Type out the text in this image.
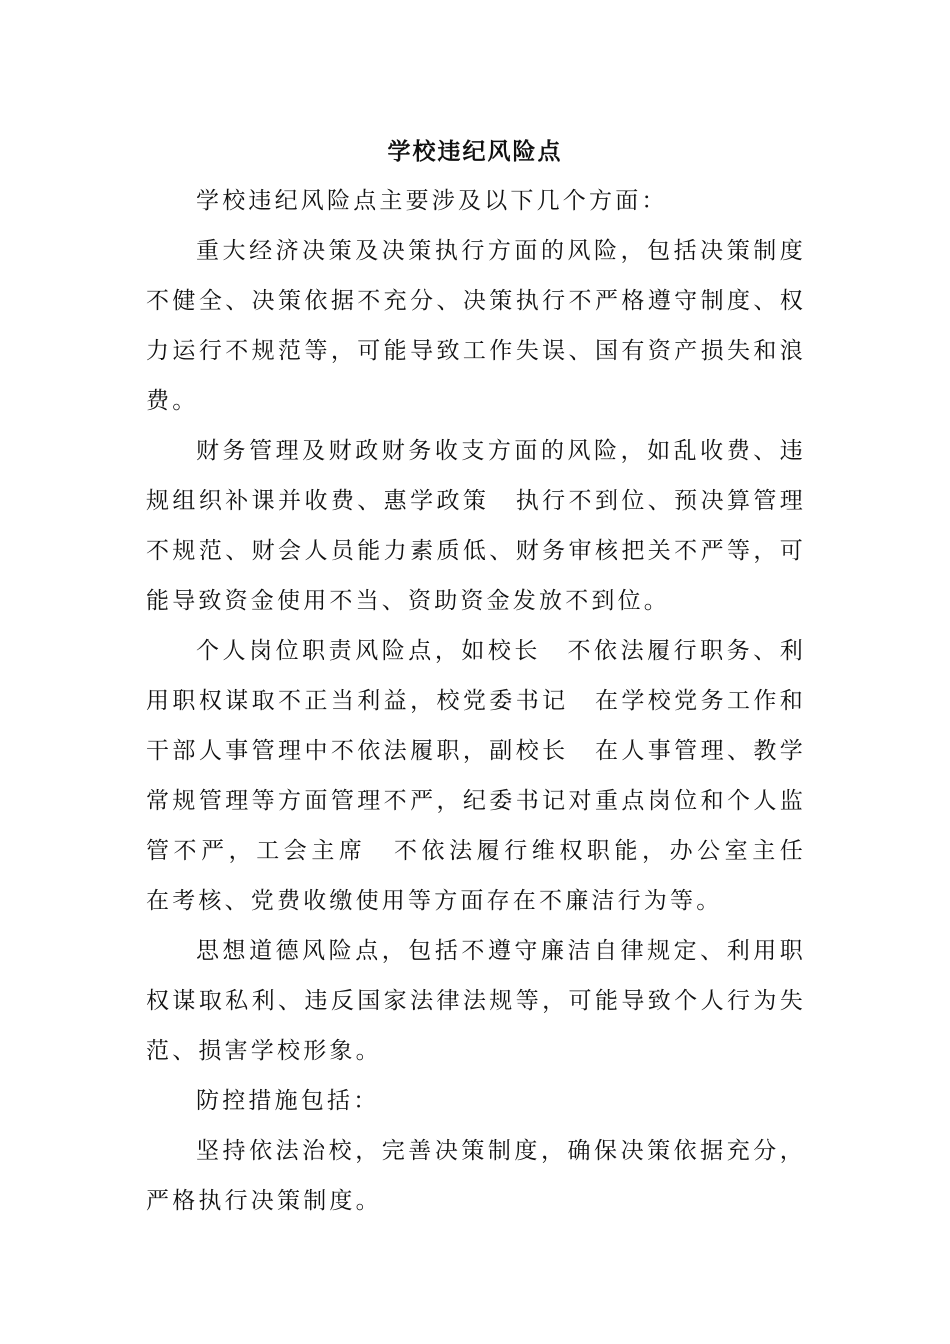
学校违纪风险点

学校违纪风险点主要涉及以下几个方面：

重大经济决策及决策执行方面的风险，包括决策制度不健全、决策依据不充分、决策执行不严格遵守制度、权力运行不规范等，可能导致工作失误、国有资产损失和浪费。

财务管理及财政财务收支方面的风险，如乱收费、违规组织补课并收费、惠学政策　执行不到位、预决算管理不规范、财会人员能力素质低、财务审核把关不严等，可能导致资金使用不当、资助资金发放不到位。

个人岗位职责风险点，如校长　不依法履行职务、利用职权谋取不正当利益，校党委书记　在学校党务工作和干部人事管理中不依法履职，副校长　在人事管理、教学常规管理等方面管理不严，纪委书记对重点岗位和个人监管不严，工会主席　不依法履行维权职能，办公室主任　在考核、党费收缴使用等方面存在不廉洁行为等。

思想道德风险点，包括不遵守廉洁自律规定、利用职权谋取私利、违反国家法律法规等，可能导致个人行为失范、损害学校形象。

防控措施包括：

坚持依法治校，完善决策制度，确保决策依据充分，严格执行决策制度。
